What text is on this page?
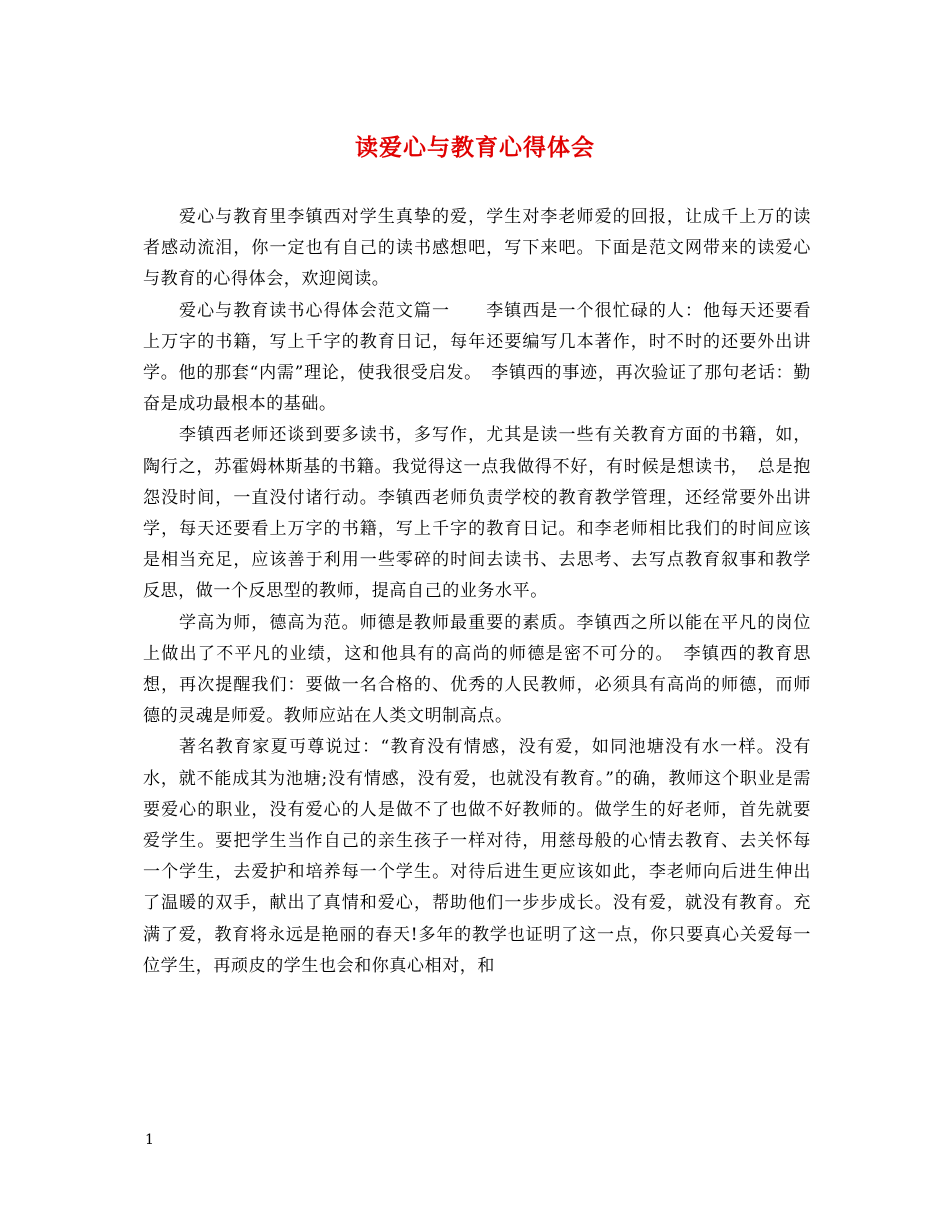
读爱心与教育心得体会

爱心与教育里李镇西对学生真挚的爱，学生对李老师爱的回报，让成千上万的读者感动流泪，你一定也有自己的读书感想吧，写下来吧。下面是范文网带来的读爱心与教育的心得体会，欢迎阅读。

爱心与教育读书心得体会范文篇一　　李镇西是一个很忙碌的人：他每天还要看上万字的书籍，写上千字的教育日记，每年还要编写几本著作，时不时的还要外出讲学。他的那套“内需”理论，使我很受启发。　李镇西的事迹，再次验证了那句老话：勤奋是成功最根本的基础。

李镇西老师还谈到要多读书，多写作，尤其是读一些有关教育方面的书籍，如，陶行之，苏霍姆林斯基的书籍。我觉得这一点我做得不好，有时候是想读书，　总是抱怨没时间，一直没付诸行动。李镇西老师负责学校的教育教学管理，还经常要外出讲学，每天还要看上万字的书籍，写上千字的教育日记。和李老师相比我们的时间应该是相当充足，应该善于利用一些零碎的时间去读书、去思考、去写点教育叙事和教学反思，做一个反思型的教师，提高自己的业务水平。

学高为师，德高为范。师德是教师最重要的素质。李镇西之所以能在平凡的岗位上做出了不平凡的业绩，这和他具有的高尚的师德是密不可分的。　李镇西的教育思想，再次提醒我们：要做一名合格的、优秀的人民教师，必须具有高尚的师德，而师德的灵魂是师爱。教师应站在人类文明制高点。

著名教育家夏丏尊说过：“教育没有情感，没有爱，如同池塘没有水一样。没有水，就不能成其为池塘;没有情感，没有爱，也就没有教育。”的确，教师这个职业是需要爱心的职业，没有爱心的人是做不了也做不好教师的。做学生的好老师，首先就要爱学生。要把学生当作自己的亲生孩子一样对待，用慈母般的心情去教育、去关怀每一个学生，去爱护和培养每一个学生。对待后进生更应该如此，李老师向后进生伸出了温暖的双手，献出了真情和爱心，帮助他们一步步成长。没有爱，就没有教育。充满了爱，教育将永远是艳丽的春天!多年的教学也证明了这一点，你只要真心关爱每一位学生，再顽皮的学生也会和你真心相对，和

1
